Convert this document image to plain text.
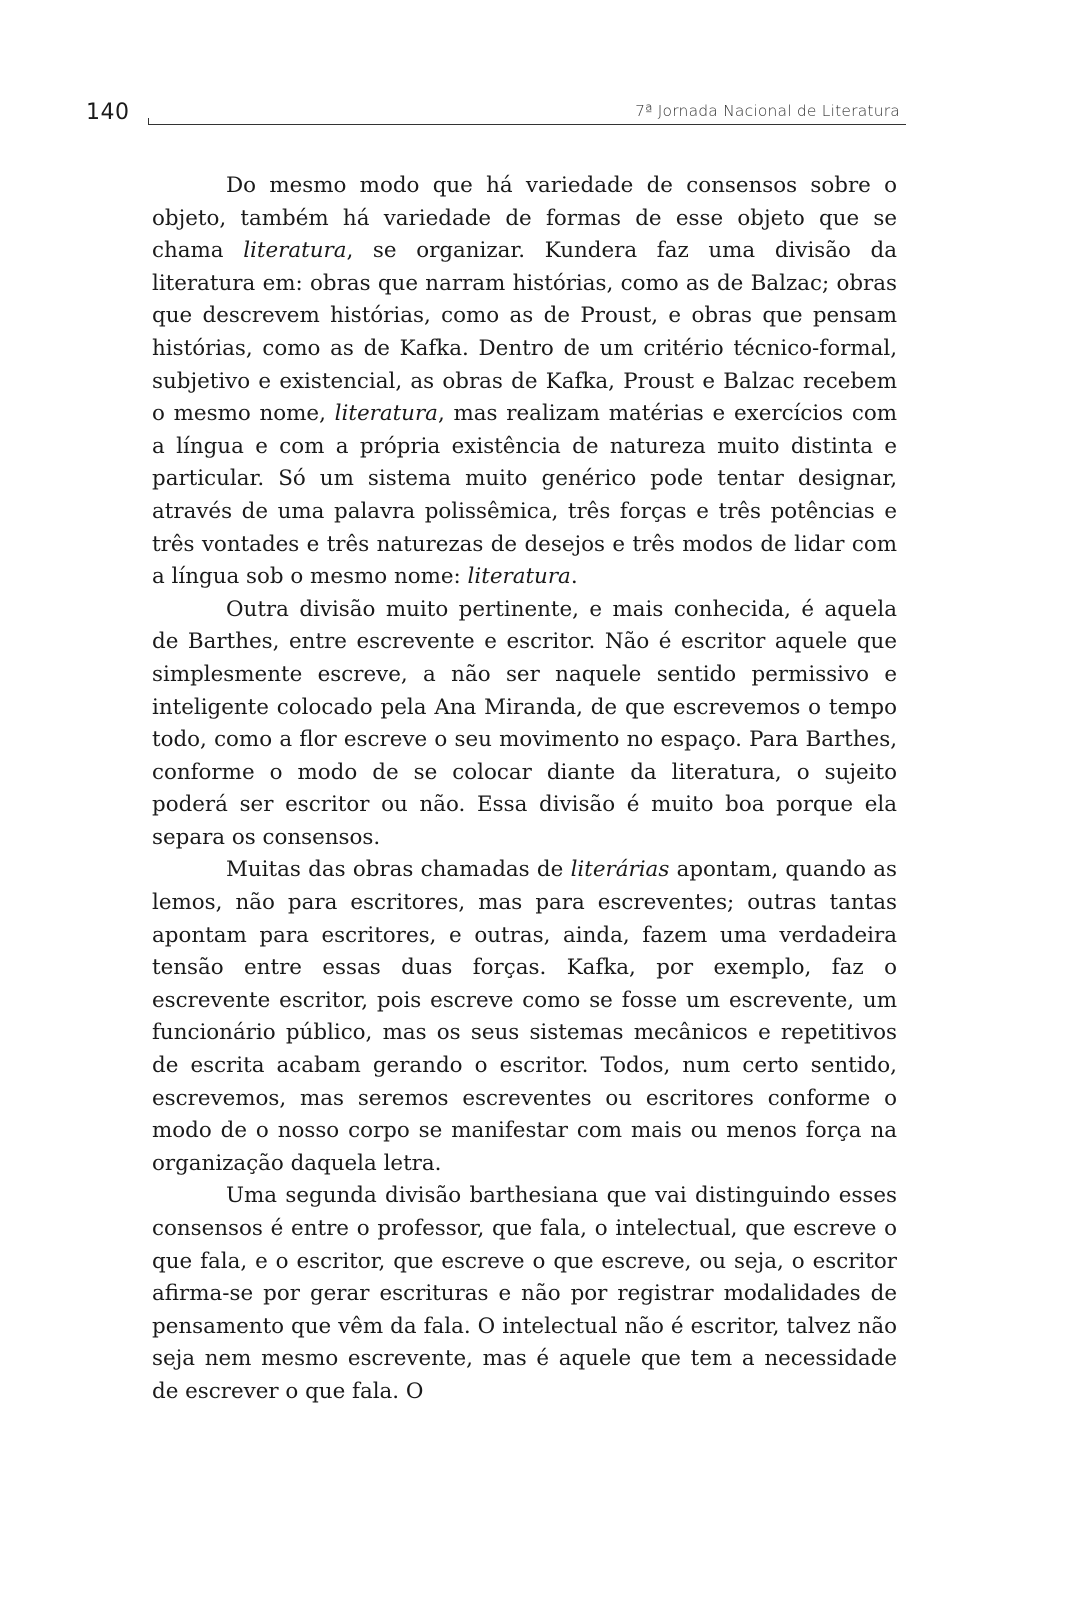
140	7ª Jornada Nacional de Literatura

Do mesmo modo que há variedade de consensos sobre o objeto, também há variedade de formas de esse objeto que se chama literatura, se organizar. Kundera faz uma divisão da literatura em: obras que narram histórias, como as de Balzac; obras que descrevem histórias, como as de Proust, e obras que pensam histórias, como as de Kafka. Dentro de um critério técnico-formal, subjetivo e existencial, as obras de Kafka, Proust e Balzac recebem o mesmo nome, literatura, mas realizam matérias e exercícios com a língua e com a própria existência de natureza muito distinta e particular. Só um sistema muito genérico pode tentar designar, através de uma palavra polissêmica, três forças e três potências e três vontades e três naturezas de desejos e três modos de lidar com a língua sob o mesmo nome: literatura.

Outra divisão muito pertinente, e mais conhecida, é aquela de Barthes, entre escrevente e escritor. Não é escritor aquele que simplesmente escreve, a não ser naquele sentido permissivo e inteligente colocado pela Ana Miranda, de que escrevemos o tempo todo, como a flor escreve o seu movimento no espaço. Para Barthes, conforme o modo de se colocar diante da literatura, o sujeito poderá ser escritor ou não. Essa divisão é muito boa porque ela separa os consensos.

Muitas das obras chamadas de literárias apontam, quando as lemos, não para escritores, mas para escreventes; outras tantas apontam para escritores, e outras, ainda, fazem uma verdadeira tensão entre essas duas forças. Kafka, por exemplo, faz o escrevente escritor, pois escreve como se fosse um escrevente, um funcionário público, mas os seus sistemas mecânicos e repetitivos de escrita acabam gerando o escritor. Todos, num certo sentido, escrevemos, mas seremos escreventes ou escritores conforme o modo de o nosso corpo se manifestar com mais ou menos força na organização daquela letra.

Uma segunda divisão barthesiana que vai distinguindo esses consensos é entre o professor, que fala, o intelectual, que escreve o que fala, e o escritor, que escreve o que escreve, ou seja, o escritor afirma-se por gerar escrituras e não por registrar modalidades de pensamento que vêm da fala. O intelectual não é escritor, talvez não seja nem mesmo escrevente, mas é aquele que tem a necessidade de escrever o que fala. O
